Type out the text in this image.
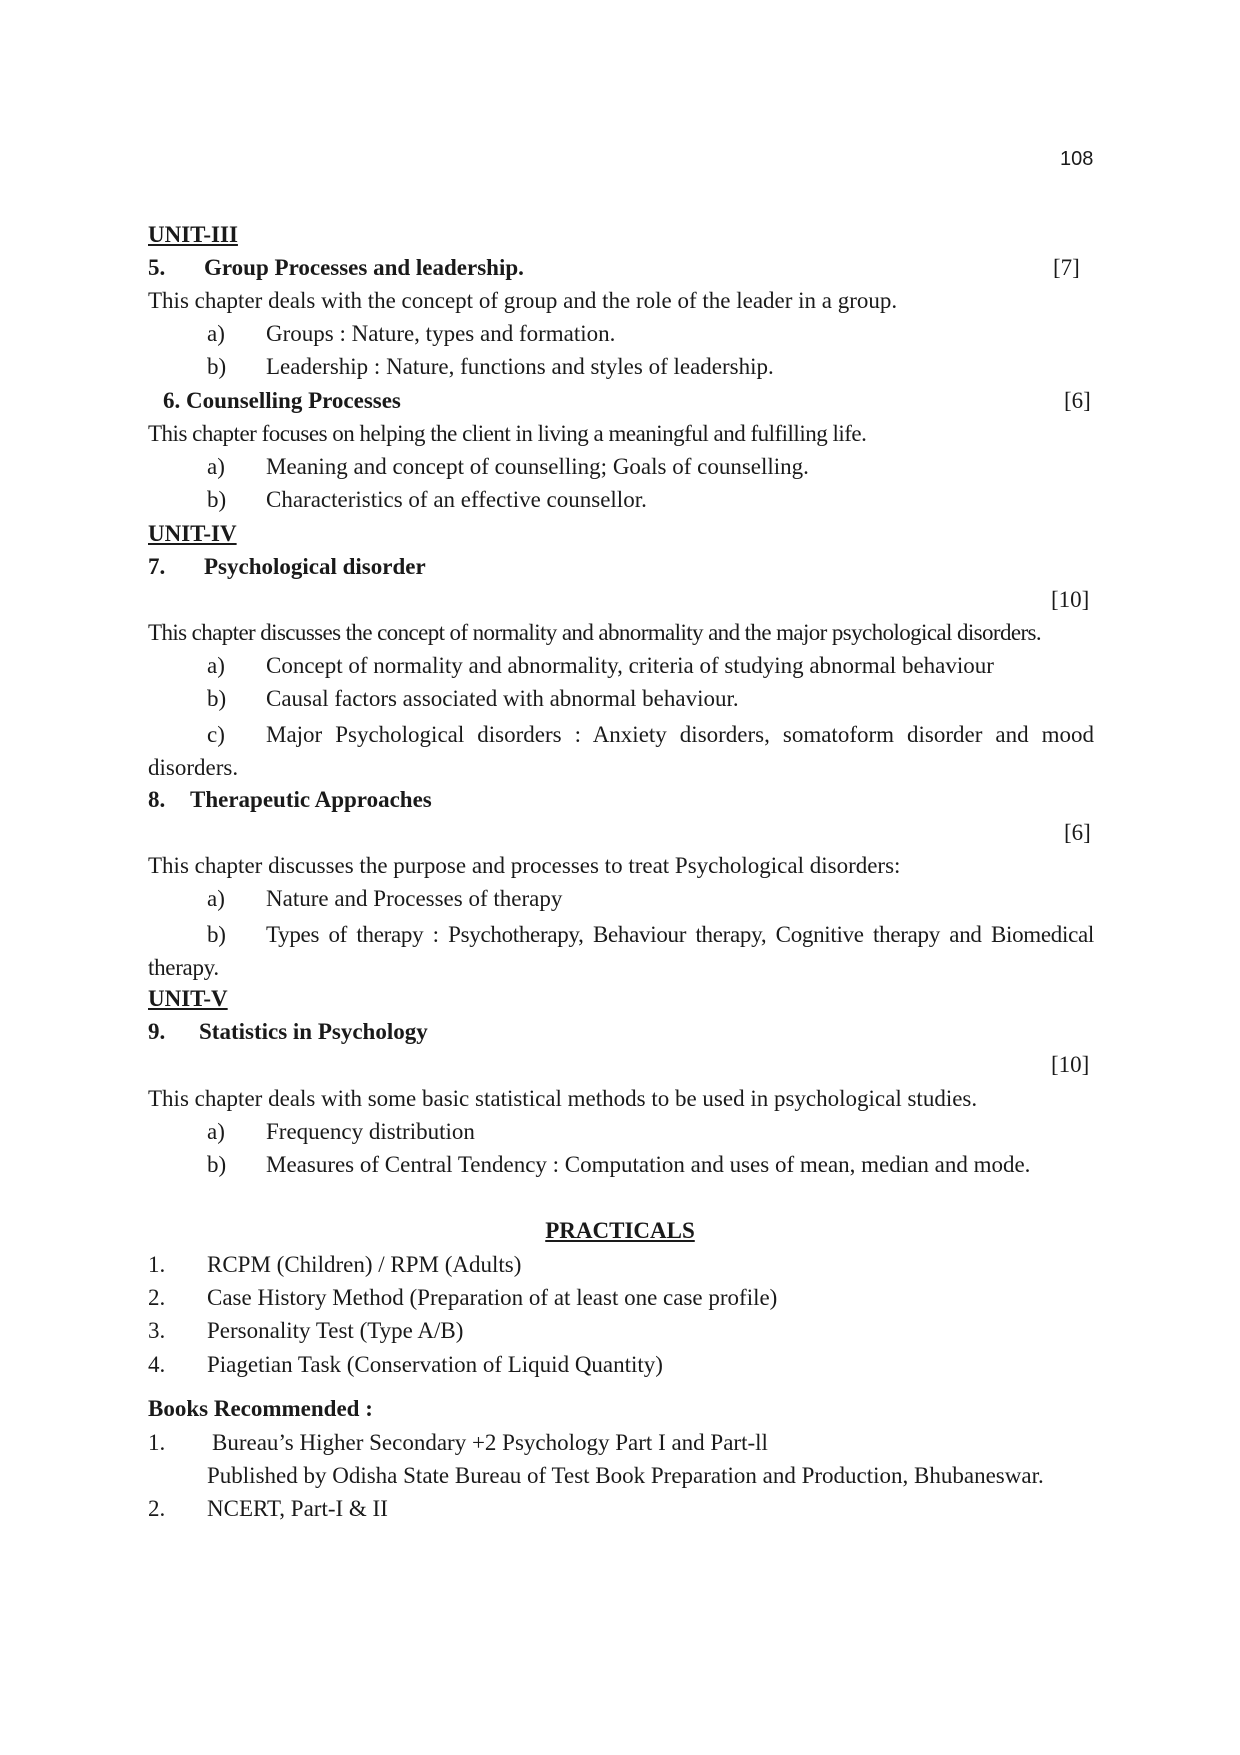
108
UNIT-III
5. Group Processes and leadership.	[7]
This chapter deals with the concept of group and the role of the leader in a group.
a) Groups : Nature, types and formation.
b) Leadership : Nature, functions and styles of leadership.
6. Counselling Processes	[6]
This chapter focuses on helping the client in living a meaningful and fulfilling life.
a) Meaning and concept of counselling; Goals of counselling.
b) Characteristics of an effective counsellor.
UNIT-IV
7. Psychological disorder
[10]
This chapter discusses the concept of normality and abnormality and the major psychological disorders.
a) Concept of normality and abnormality, criteria of studying abnormal behaviour
b) Causal factors associated with abnormal behaviour.
c) Major Psychological disorders : Anxiety disorders, somatoform disorder and mood disorders.
8. Therapeutic Approaches
[6]
This chapter discusses the purpose and processes to treat Psychological disorders:
a) Nature and Processes of therapy
b) Types of therapy : Psychotherapy, Behaviour therapy, Cognitive therapy and Biomedical therapy.
UNIT-V
9. Statistics in Psychology
[10]
This chapter deals with some basic statistical methods to be used in psychological studies.
a) Frequency distribution
b) Measures of Central Tendency : Computation and uses of mean, median and mode.
PRACTICALS
1. RCPM (Children) / RPM (Adults)
2. Case History Method (Preparation of at least one case profile)
3. Personality Test (Type A/B)
4. Piagetian Task (Conservation of Liquid Quantity)
Books Recommended :
1. Bureau’s Higher Secondary +2 Psychology Part I and Part-ll
Published by Odisha State Bureau of Test Book Preparation and Production, Bhubaneswar.
2. NCERT, Part-I & II
